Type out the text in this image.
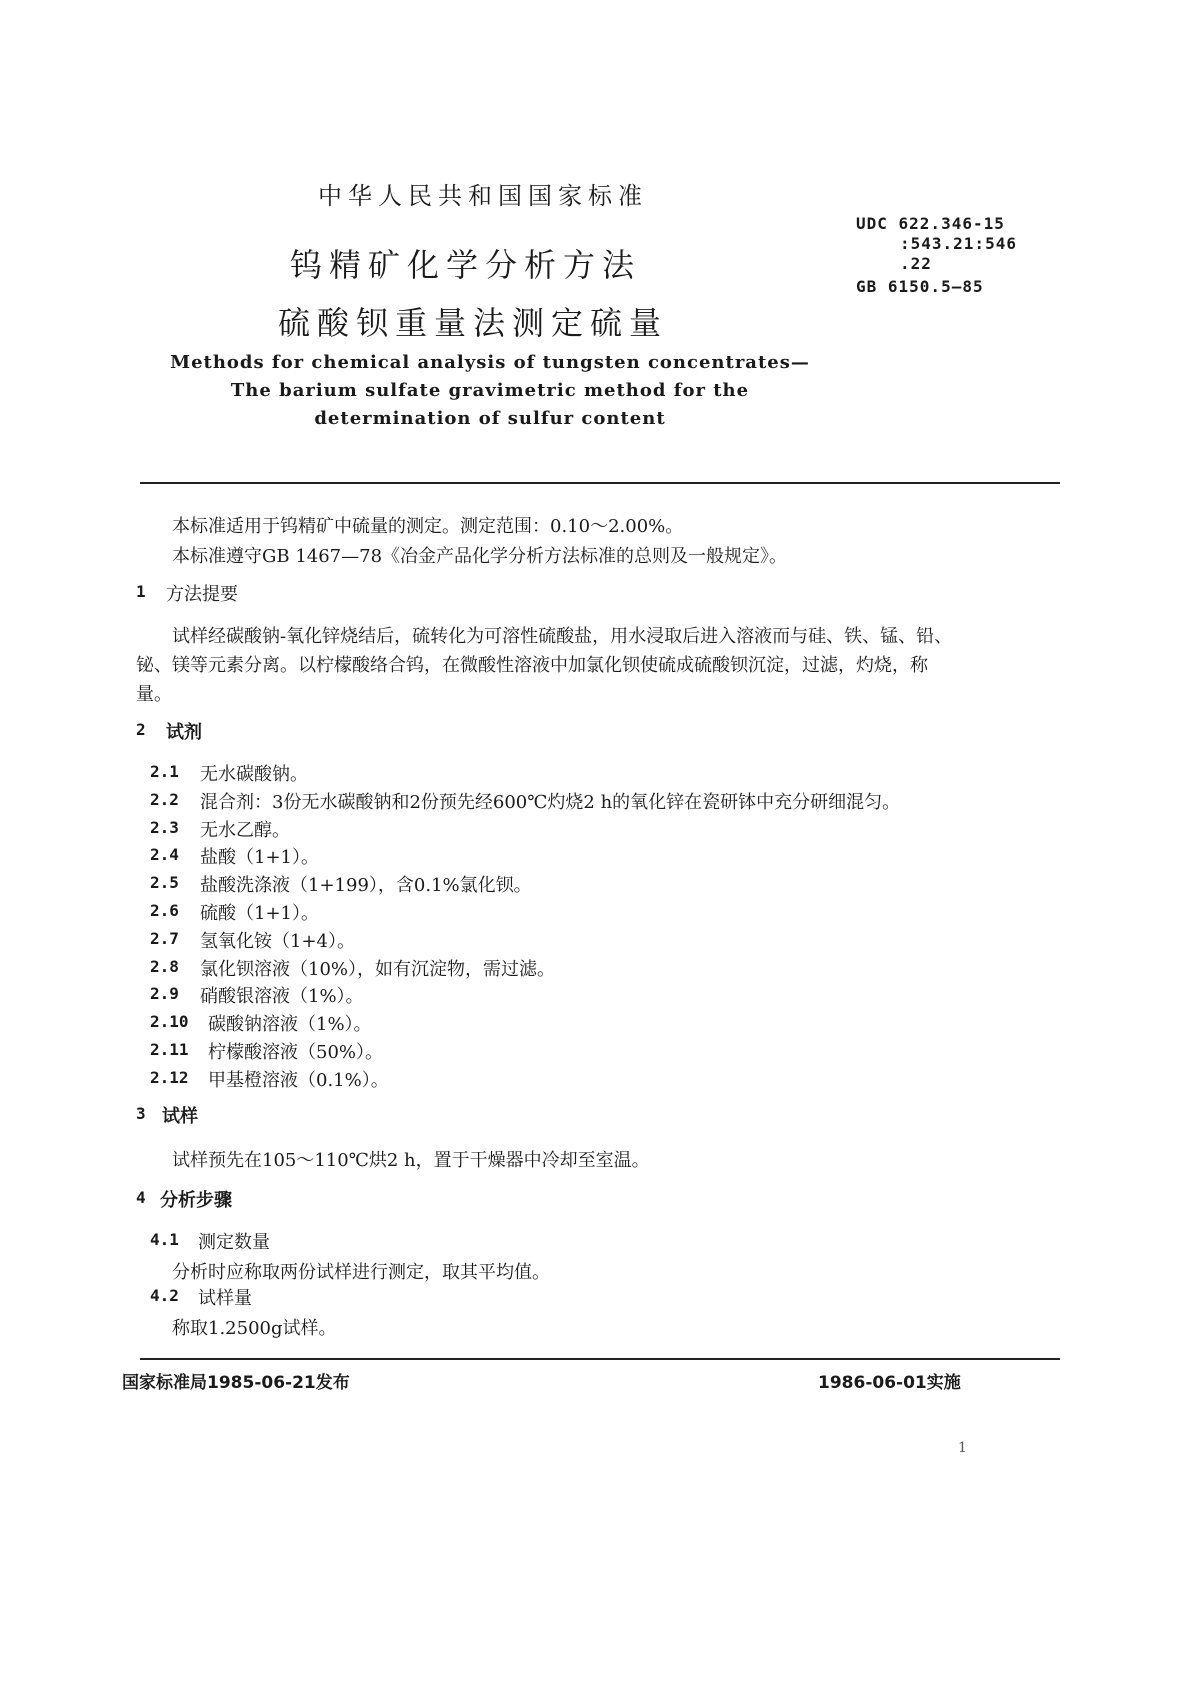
中华人民共和国国家标准
UDC 622.346-15
:543.21:546
.22
GB 6150.5—85
钨精矿化学分析方法
硫酸钡重量法测定硫量
Methods for chemical analysis of tungsten concentrates—
The barium sulfate gravimetric method for the
determination of sulfur content
本标准适用于钨精矿中硫量的测定。测定范围：0.10～2.00%。
本标准遵守GB 1467—78《冶金产品化学分析方法标准的总则及一般规定》。
1 方法提要
试样经碳酸钠-氧化锌烧结后，硫转化为可溶性硫酸盐，用水浸取后进入溶液而与硅、铁、锰、铅、
铋、镁等元素分离。以柠檬酸络合钨，在微酸性溶液中加氯化钡使硫成硫酸钡沉淀，过滤，灼烧，称
量。
2 试剂
2.1 无水碳酸钠。
2.2 混合剂：3份无水碳酸钠和2份预先经600℃灼烧2 h的氧化锌在瓷研钵中充分研细混匀。
2.3 无水乙醇。
2.4 盐酸（1+1）。
2.5 盐酸洗涤液（1+199），含0.1%氯化钡。
2.6 硫酸（1+1）。
2.7 氢氧化铵（1+4）。
2.8 氯化钡溶液（10%），如有沉淀物，需过滤。
2.9 硝酸银溶液（1%）。
2.10 碳酸钠溶液（1%）。
2.11 柠檬酸溶液（50%）。
2.12 甲基橙溶液（0.1%）。
3 试样
试样预先在105～110℃烘2 h，置于干燥器中冷却至室温。
4 分析步骤
4.1 测定数量
分析时应称取两份试样进行测定，取其平均值。
4.2 试样量
称取1.2500g试样。
国家标准局1985-06-21发布	1986-06-01实施
1
